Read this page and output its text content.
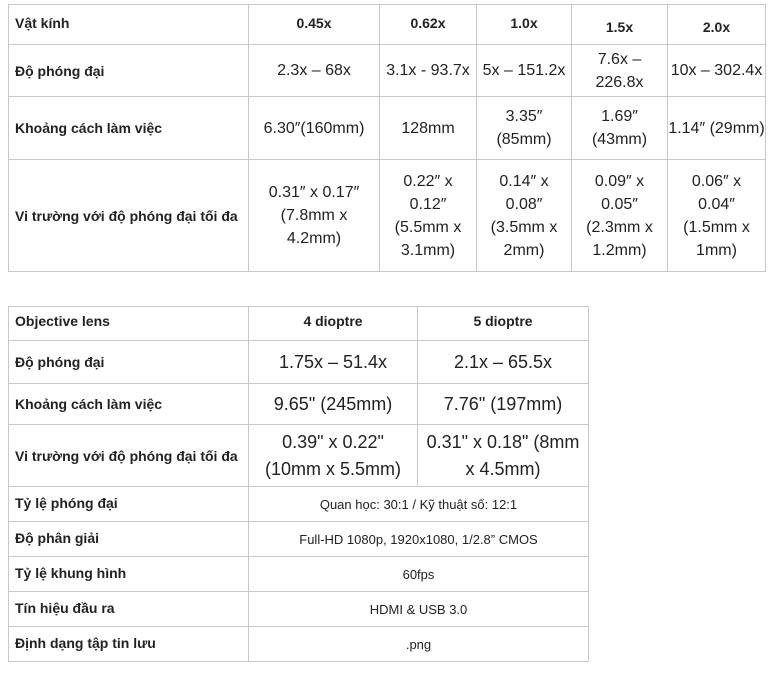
Vật kính	0.45x	0.62x	1.0x	1.5x	2.0x
Độ phóng đại	2.3x – 68x	3.1x - 93.7x	5x – 151.2x	7.6x – 226.8x	10x – 302.4x
Khoảng cách làm việc	6.30″(160mm)	128mm	3.35″ (85mm)	1.69″ (43mm)	1.14″ (29mm)
Vi trường với độ phóng đại tối đa	0.31″ x 0.17″ (7.8mm x 4.2mm)	0.22″ x 0.12″ (5.5mm x 3.1mm)	0.14″ x 0.08″ (3.5mm x 2mm)	0.09″ x 0.05″ (2.3mm x 1.2mm)	0.06″ x 0.04″ (1.5mm x 1mm)
Objective lens	4 dioptre	5 dioptre
Độ phóng đại	1.75x – 51.4x	2.1x – 65.5x
Khoảng cách làm việc	9.65" (245mm)	7.76" (197mm)
Vi trường với độ phóng đại tối đa	0.39" x 0.22" (10mm x 5.5mm)	0.31" x 0.18" (8mm x 4.5mm)
Tỷ lệ phóng đại	Quan học: 30:1 / Kỹ thuật số: 12:1	
Độ phân giải	Full-HD 1080p, 1920x1080, 1/2.8” CMOS	
Tỷ lệ khung hình	60fps	
Tín hiệu đầu ra	HDMI & USB 3.0	
Định dạng tập tin lưu	.png	
